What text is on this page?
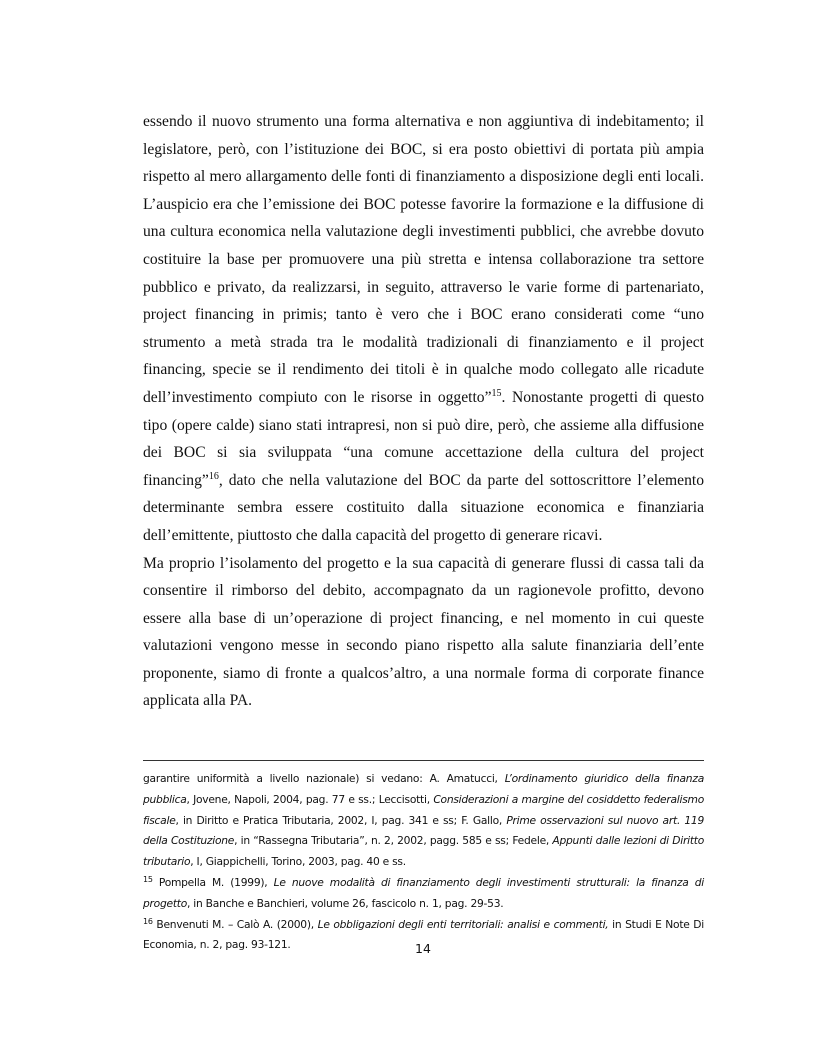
essendo il nuovo strumento una forma alternativa e non aggiuntiva di indebitamento; il legislatore, però, con l’istituzione dei BOC, si era posto obiettivi di portata più ampia rispetto al mero allargamento delle fonti di finanziamento a disposizione degli enti locali. L’auspicio era che l’emissione dei BOC potesse favorire la formazione e la diffusione di una cultura economica nella valutazione degli investimenti pubblici, che avrebbe dovuto costituire la base per promuovere una più stretta e intensa collaborazione tra settore pubblico e privato, da realizzarsi, in seguito, attraverso le varie forme di partenariato, project financing in primis; tanto è vero che i BOC erano considerati come “uno strumento a metà strada tra le modalità tradizionali di finanziamento e il project financing, specie se il rendimento dei titoli è in qualche modo collegato alle ricadute dell’investimento compiuto con le risorse in oggetto”$^{15}$. Nonostante progetti di questo tipo (opere calde) siano stati intrapresi, non si può dire, però, che assieme alla diffusione dei BOC si sia sviluppata “una comune accettazione della cultura del project financing”$^{16}$, dato che nella valutazione del BOC da parte del sottoscrittore l’elemento determinante sembra essere costituito dalla situazione economica e finanziaria dell’emittente, piuttosto che dalla capacità del progetto di generare ricavi.

Ma proprio l’isolamento del progetto e la sua capacità di generare flussi di cassa tali da consentire il rimborso del debito, accompagnato da un ragionevole profitto, devono essere alla base di un’operazione di project financing, e nel momento in cui queste valutazioni vengono messe in secondo piano rispetto alla salute finanziaria dell’ente proponente, siamo di fronte a qualcos’altro, a una normale forma di corporate finance applicata alla PA.

garantire uniformità a livello nazionale) si vedano: A. Amatucci, L’ordinamento giuridico della finanza pubblica, Jovene, Napoli, 2004, pag. 77 e ss.; Leccisotti, Considerazioni a margine del cosiddetto federalismo fiscale, in Diritto e Pratica Tributaria, 2002, I, pag. 341 e ss; F. Gallo, Prime osservazioni sul nuovo art. 119 della Costituzione, in “Rassegna Tributaria”, n. 2, 2002, pagg. 585 e ss; Fedele, Appunti dalle lezioni di Diritto tributario, I, Giappichelli, Torino, 2003, pag. 40 e ss.

$^{15}$ Pompella M. (1999), Le nuove modalità di finanziamento degli investimenti strutturali: la finanza di progetto, in Banche e Banchieri, volume 26, fascicolo n. 1, pag. 29-53.

$^{16}$ Benvenuti M. – Calò A. (2000), Le obbligazioni degli enti territoriali: analisi e commenti, in Studi E Note Di Economia, n. 2, pag. 93-121.	14
